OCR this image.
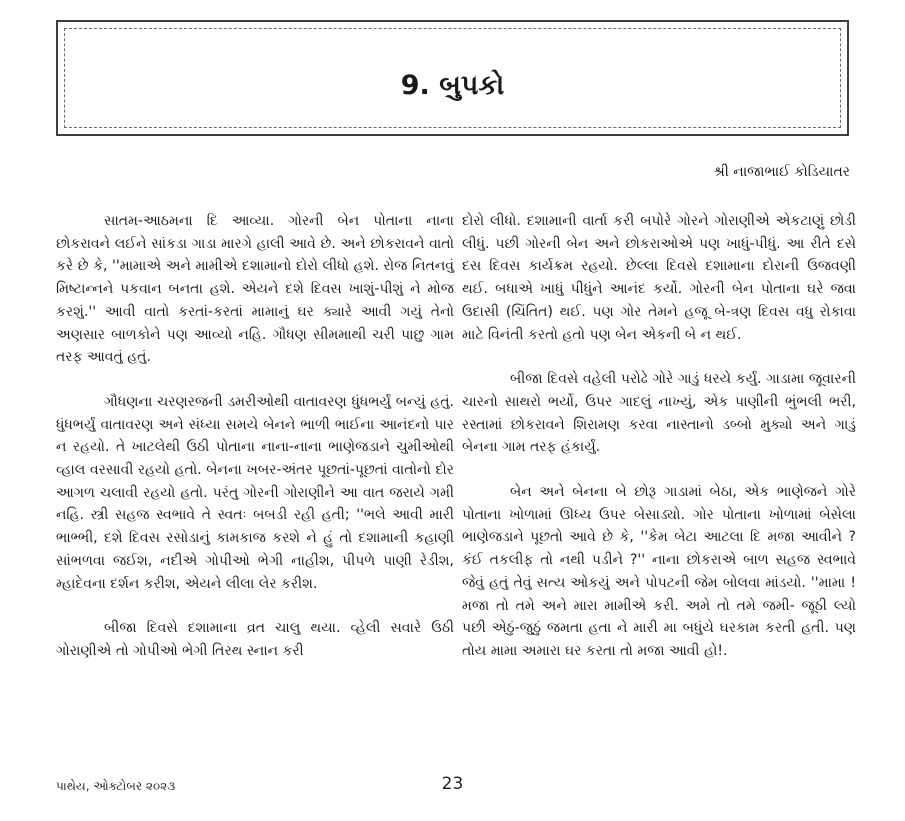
9. બુપકો
શ્રી નાજાભાઈ કોડિયાતર

સાતમ-આઠમના દિ આવ્યા. ગોરની બેન પોતાના નાના છોકરાવને લઈને સાંકડા ગાડા મારગે હાલી આવે છે. અને છોકરાવને વાતો કરે છે કે, ''મામાએ અને મામીએ દશામાનો દોરો લીધો હશે. રોજ નિતનવું મિષ્ટાન્નને પકવાન બનતા હશે. એયને દશે દિવસ ખાશું-પીશું ને મોજ કરશું.'' આવી વાતો કરતાં-કરતાં મામાનું ઘર ક્યારે આવી ગયું તેનો અણસાર બાળકોને પણ આવ્યો નહિ. ગૌધણ સીમમાથી ચરી પાછુ ગામ તરફ આવતું હતું.

ગૌધણના ચરણરજની ડમરીઓથી વાતાવરણ ધુંધભર્યું બન્યું હતું. ધુંધભર્યું વાતાવરણ અને સંધ્યા સમયે બેનને ભાળી ભાઈના આનંદનો પાર ન રહયો. તે ખાટલેથી ઉઠી પોતાના નાના-નાના ભાણેજડાને ચુમીઓથી વ્હાલ વરસાવી રહયો હતો. બેનના ખબર-અંતર પૂછતાં-પૂછતાં વાતોનો દોર આગળ ચલાવી રહયો હતો. પરંતુ ગોરની ગોરાણીને આ વાત જરાયે ગમી નહિ. સ્ત્રી સહજ સ્વભાવે તે સ્વતઃ બબડી રહી હતી; ''ભલે આવી મારી ભાભ્ભી, દશે દિવસ રસોડાનું કામકાજ કરશે ને હું તો દશામાની કહાણી સાંભળવા જઈશ, નદીએ ગોપીઓ ભેગી નાહીશ, પીપળે પાણી રેડીશ, મ્હાદેવના દર્શન કરીશ, એયને લીલા લેર કરીશ.

બીજા દિવસે દશામાના વ્રત ચાલુ થયા. વ્હેલી સવારે ઉઠી ગોરાણીએ તો ગોપીઓ ભેગી તિરથ સ્નાન કરી

દોરો લીધો. દશામાની વાર્તા કરી બપોરે ગોરને ગોરાણીએ એકટાણું છોડી લીધું. પછી ગોરની બેન અને છોકરાઓએ પણ ખાધું-પીધું. આ રીતે દસે દસ દિવસ કાર્યક્રમ રહયો. છેલ્લા દિવસે દશામાના દોરાની ઉજવણી થઈ. બધાએ ખાધું પીધુંને આનંદ કર્યો. ગોરની બેન પોતાના ઘરે જવા ઉદાસી (ચિંતિત) થઈ. પણ ગોર તેમને હજૂ બે-ત્રણ દિવસ વધુ રોકાવા માટે વિનંતી કરતો હતો પણ બેન એકની બે ન થઈ.

બીજા દિવસે વહેલી પરોઢે ગોરે ગાડું ધરયે કર્યું. ગાડામા જૂવારની ચારનો સાથરો ભર્યો, ઉપર ગાદલું નાખ્યું, એક પાણીની ભુંભલી ભરી, રસ્તામાં છોકરાવને શિરામણ કરવા નાસ્તાનો ડબ્બો મુક્યો અને ગાડું બેનના ગામ તરફ હંકાર્યું.

બેન અને બેનના બે છોરૂ ગાડામાં બેઠા, એક ભાણેજને ગોરે પોતાના ખોળામાં ઊધ્ય ઉપર બેસાડ્યો. ગોર પોતાના ખોળામાં બેસેલા ભાણેજડાને પૂછતો આવે છે કે, ''કેમ બેટા આટલા દિ મજા આવીને ? કંઈ તકલીફ તો નથી પડીને ?'' નાના છોકરાએ બાળ સહજ સ્વભાવે જેવું હતું તેવું સત્ય ઓકયું અને પોપટની જેમ બોલવા માંડયો. ''મામા ! મજા તો તમે અને મારા મામીએ કરી. અમે તો તમે જમી- જૂઠી લ્યો પછી એઠું-જુઠું જમતા હતા ને મારી મા બધુંયે ઘરકામ કરતી હતી. પણ તોય મામા અમારા ઘર કરતા તો મજા આવી હો!.

પાથેય, ઓક્ટોબર ૨૦૨૩	23
